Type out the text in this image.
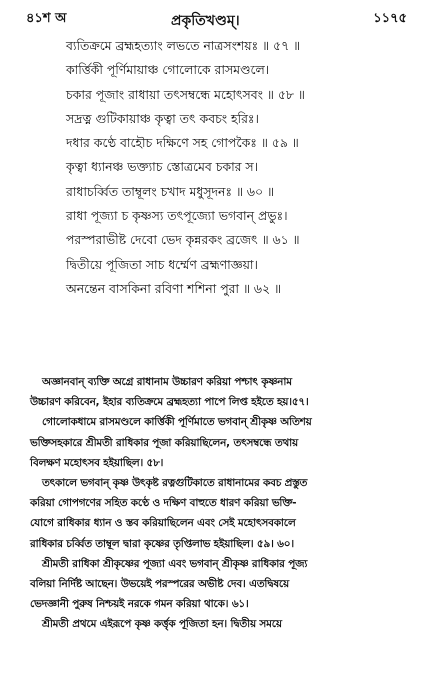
৪১শ অ	প্রকৃতিখণ্ডম্।	১১৭৫
ব্যতিক্রমে ব্রহ্মহত্যাং লভতে নাত্রসংশয়ঃ ॥ ৫৭ ॥
কার্ত্তিকী পূর্ণিমায়াঞ্চ গোলোকে রাসমণ্ডলে।
চকার পূজাং রাধায়া তৎসম্বন্ধে মহোৎসবং ॥ ৫৮ ॥
সদ্রত্ন গুটিকায়াঞ্চ কৃত্বা তৎ কবচং হরিঃ।
দধার কণ্ঠে বাহৌচ দক্ষিণে সহ গোপকৈঃ ॥ ৫৯ ॥
কৃত্বা ধ্যানঞ্চ ভক্ত্যাচ স্তোত্রমেব চকার স।
রাধাচর্ব্বিত তাম্বূলং চখাদ মধুসূদনঃ ॥ ৬০ ॥
রাধা পূজ্যা চ কৃষ্ণস্য তৎপূজ্যো ভগবান্ প্রভুঃ।
পরস্পরাভীষ্ট দেবো ভেদ কৃন্নরকং ব্রজেৎ ॥ ৬১ ॥
দ্বিতীয়ে পূজিতা সাচ ধর্ম্মেণ ব্রহ্মণাজ্ঞয়া।
অনন্তেন বাসকিনা রবিণা শশিনা পুরা ॥ ৬২ ॥
অজ্ঞানবান্ ব্যক্তি অগ্রে রাধানাম উচ্চারণ করিয়া পশ্চাৎ কৃষ্ণনাম
উচ্চারণ করিবেন, ইহার ব্যতিক্রমে ব্রহ্মহত্যা পাপে লিপ্ত হইতে হয়।৫৭।
গোলোকধামে রাসমণ্ডলে কার্ত্তিকী পূর্ণিমাতে ভগবান্ শ্রীকৃষ্ণ অতিশয়
ভক্তিসহকারে শ্রীমতী রাধিকার পূজা করিয়াছিলেন, তৎসম্বন্ধে তথায়
বিলক্ষণ মহোৎসব হইয়াছিল। ৫৮।
তৎকালে ভগবান্ কৃষ্ণ উৎকৃষ্ট রত্নগুটিকাতে রাধানামের কবচ প্রস্তুত
করিয়া গোপগণের সহিত কণ্ঠে ও দক্ষিণ বাহুতে ধারণ করিয়া ভক্তি-
যোগে রাধিকার ধ্যান ও স্তব করিয়াছিলেন এবং সেই মহোৎসবকালে
রাধিকার চর্ব্বিত তাম্বূল দ্বারা কৃষ্ণের তৃপ্তিলাভ হইয়াছিল। ৫৯। ৬০।
শ্রীমতী রাধিকা শ্রীকৃষ্ণের পূজ্যা এবং ভগবান্ শ্রীকৃষ্ণ রাধিকার পূজ্য
বলিয়া নির্দিষ্ট আছেন। উভয়েই পরস্পরের অভীষ্ট দেব। এতদ্বিষয়ে
ভেদজ্ঞানী পুরুষ নিশ্চয়ই নরকে গমন করিয়া থাকে। ৬১।
শ্রীমতী প্রথমে এইরূপে কৃষ্ণ কর্ত্তৃক পূজিতা হন। দ্বিতীয় সময়ে
